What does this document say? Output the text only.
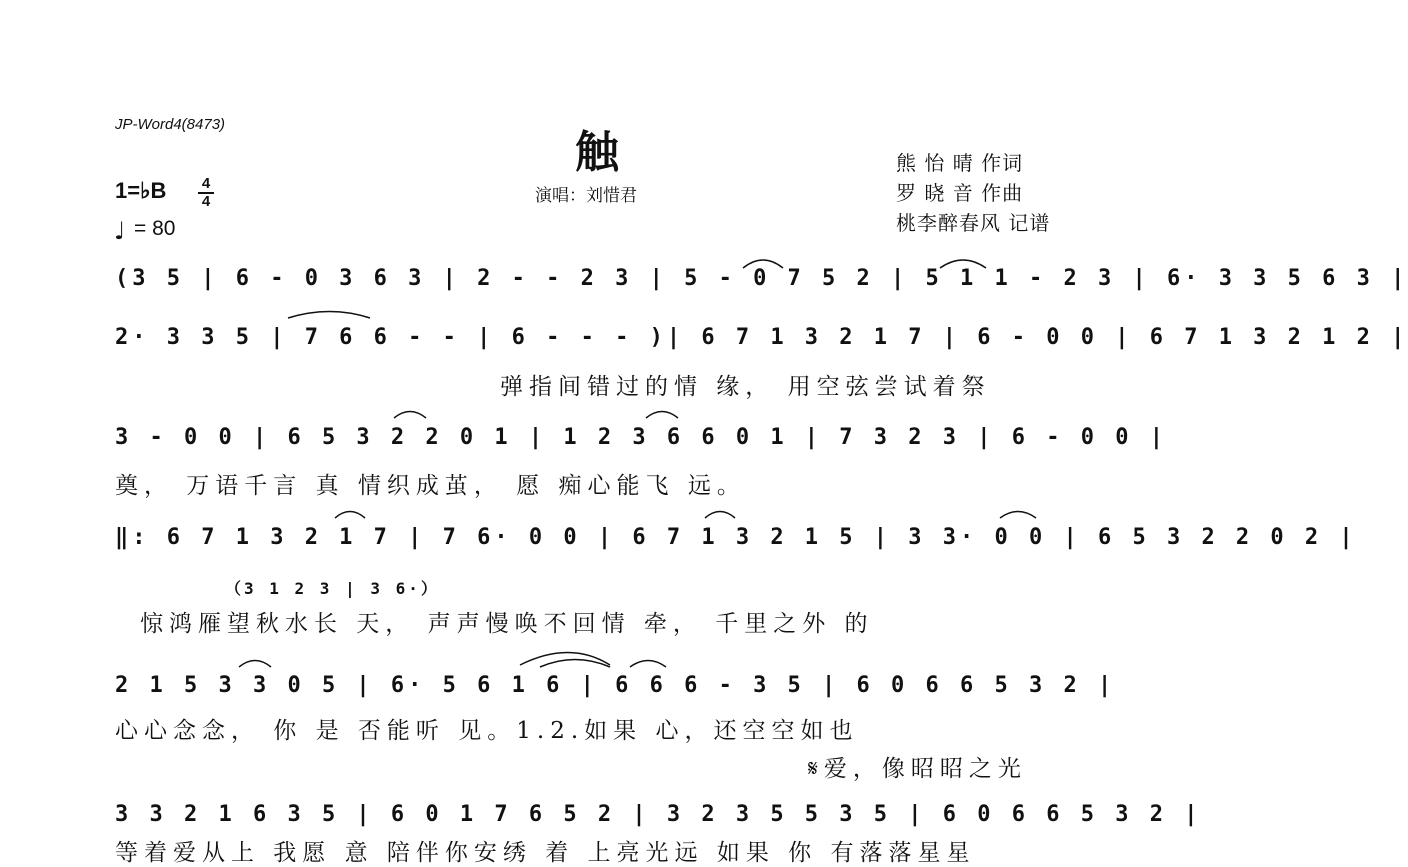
JP-Word4(8473)
触
演唱：刘惜君
熊 怡 晴 作词
罗 晓 音 作曲
桃李醉春风 记谱
1=♭B	4
4
♩ = 80
(3 5 | 6 - 0 3 6 3 | 2 - - 2 3 | 5 - 0 7 5 2 | 5 1 1 - 2 3 | 6· 3 3 5 6 3 |
2· 3 3 5 | 7 6 6 - - | 6 - - - )| 6 7 1 3 2 1 7 | 6 - 0 0 | 6 7 1 3 2 1 2 |
3 - 0 0 | 6 5 3 2 2 0 1 | 1 2 3 6 6 0 1 | 7 3 2 3 | 6 - 0 0 |
‖: 6 7 1 3 2 1 7 | 7 6· 0 0 | 6 7 1 3 2 1 5 | 3 3· 0 0 | 6 5 3 2 2 0 2 |
（3 1 2 3 | 3 6·）
2 1 5 3 3 0 5 | 6· 5 6 1 6 | 6 6 6 - 3 5 | 6 0 6 6 5 3 2 |
3 3 2 1 6 3 5 | 6 0 1 7 6 5 2 | 3 2 3 5 5 3 5 | 6 0 6 6 5 3 2 |
弹指间错过的情 缘， 用空弦尝试着祭
奠， 万语千言 真 情织成茧， 愿 痴心能飞 远。
惊鸿雁望秋水长 天， 声声慢唤不回情 牵， 千里之外 的
心心念念， 你 是 否能听 见。1.2.如果 心，还空空如也
𝄋爱，像昭昭之光
等着爱从上 我愿 意 陪伴你安绣 着 上亮光远 如果 你 有落落星星
